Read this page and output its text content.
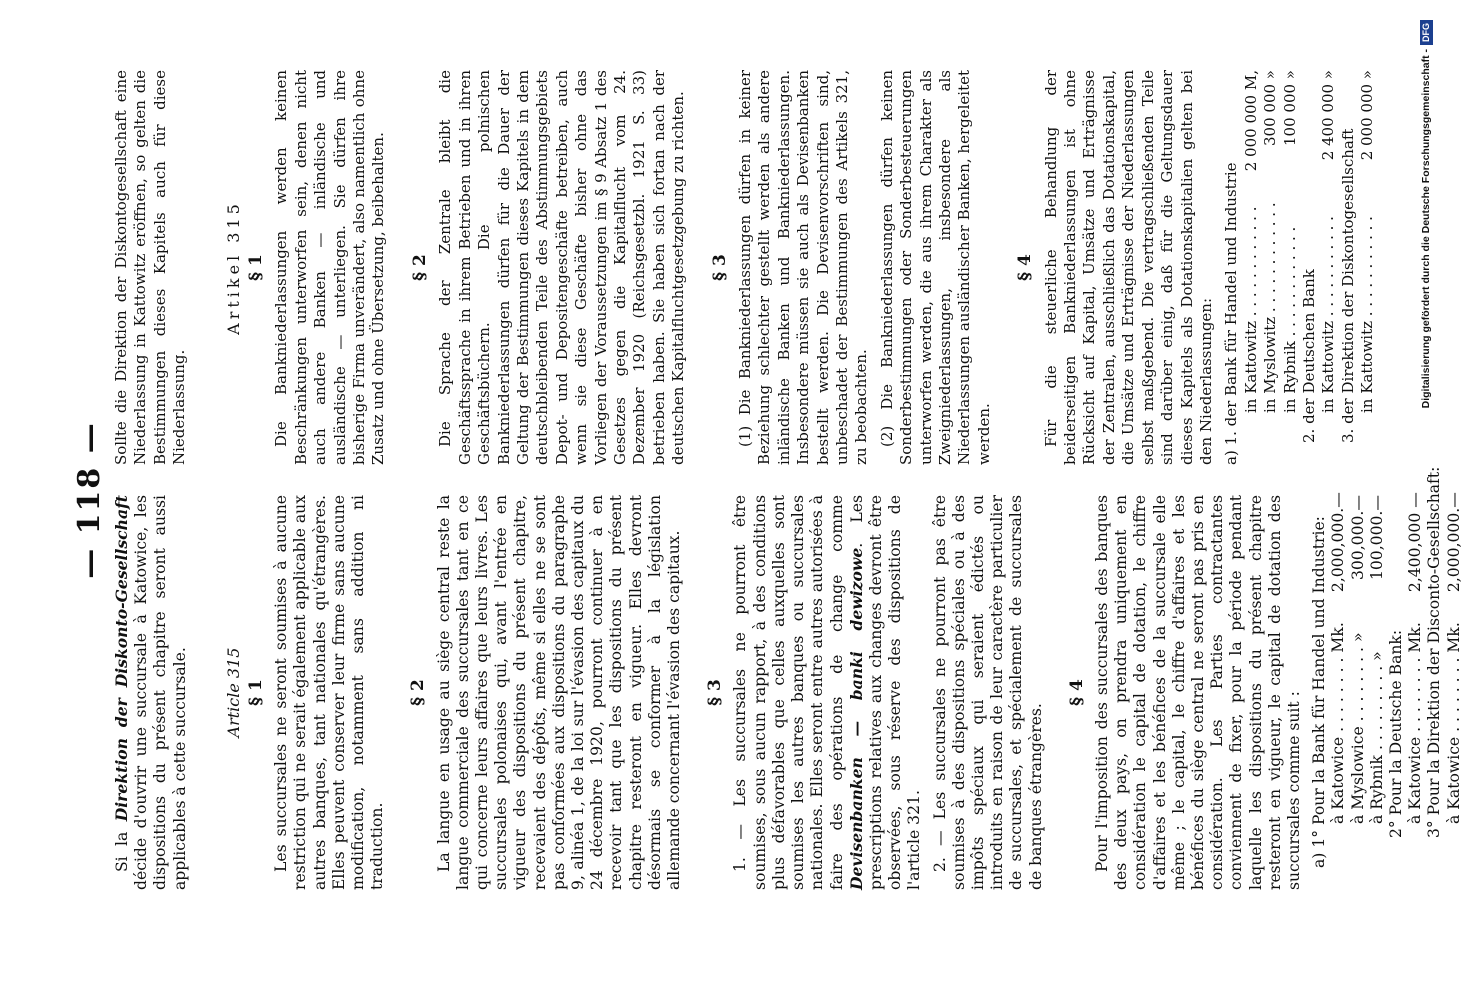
— 118 —

Si la Direktion der Diskonto-Gesellschaft décide d'ouvrir une succursale à Katowice, les dispositions du présent chapitre seront aussi applicables à cette succursale. Article 315 § 1 Les succursales ne seront soumises à aucune restriction qui ne serait également applicable aux autres banques, tant nationales qu'étrangères. Elles peuvent conserver leur firme sans aucune modification, notamment sans addition ni traduction.

§ 2 La langue en usage au siège central reste la langue commerciale des succursales tant en ce qui concerne leurs affaires que leurs livres. Les succursales polonaises qui, avant l'entrée en vigueur des dispositions du présent chapitre, recevaient des dépôts, même si elles ne se sont pas conformées aux dispositions du paragraphe 9, alinéa 1, de la loi sur l'évasion des capitaux du 24 décembre 1920, pourront continuer à en recevoir tant que les dispositions du présent chapitre resteront en vigueur. Elles devront désormais se conformer à la législation allemande concernant l'évasion des capitaux. § 3 1. — Les succursales ne pourront être soumises, sous aucun rapport, à des conditions plus défavorables que celles auxquelles sont soumises les autres banques ou succursales nationales. Elles seront entre autres autorisées à faire des opérations de change comme Devisenbanken — banki dewizowe. Les prescriptions relatives aux changes devront être observées, sous réserve des dispositions de l'article 321. 2. — Les succursales ne pourront pas être soumises à des dispositions spéciales ou à des impôts spéciaux qui seraient édictés ou introduits en raison de leur caractère particulier de succursales, et spécialement de succursales de banques étrangères.

§ 4 Pour l'imposition des succursales des banques des deux pays, on prendra uniquement en considération le capital de dotation, le chiffre d'affaires et les bénéfices de la succursale elle même ; le capital, le chiffre d'affaires et les bénéfices du siège central ne seront pas pris en considération. Les Parties contractantes conviennent de fixer, pour la période pendant laquelle les dispositions du présent chapitre resteront en vigueur, le capital de dotation des succursales comme suit : a) 1° Pour la Bank für Handel und Industrie: à Katowice . . . . . . . . Mk.
2,000,000.—
à Myslowice . . . . . . . . »
300,000.—
à Rybnik . . . . . . . . . »
100,000.—
2° Pour la Deutsche Bank: à Katowice . . . . . . . . Mk.
2,400,000 — 3° Pour la Direktion der Disconto-Gesellschaft: à Katowice . . . . . . . . Mk.
2,000,000.—

Sollte die Direktion der Diskontogesellschaft eine Niederlassung in Kattowitz eröffnen, so gelten die Bestimmungen dieses Kapitels auch für diese Niederlassung.

Artikel 315 § 1 Die Bankniederlassungen werden keinen Beschränkungen unterworfen sein, denen nicht auch andere Banken — inländische und ausländische — unterliegen. Sie dürfen ihre bisherige Firma unverändert, also namentlich ohne Zusatz und ohne Übersetzung, beibehalten. § 2 Die Sprache der Zentrale bleibt die Geschäftssprache in ihrem Betrieben und in ihren Geschäftsbüchern. Die polnischen Bankniederlassungen dürfen für die Dauer der Geltung der Bestimmungen dieses Kapitels in dem deutschbleibenden Teile des Abstimmungsgebiets Depot- und Depositengeschäfte betreiben, auch wenn sie diese Geschäfte bisher ohne das Vorliegen der Voraussetzungen im § 9 Absatz 1 des Gesetzes gegen die Kapitalflucht vom 24. Dezember 1920 (Reichsgesetzbl. 1921 S. 33) betrieben haben. Sie haben sich fortan nach der deutschen Kapitalfluchtgesetzgebung zu richten. § 3 (1) Die Bankniederlassungen dürfen in keiner Beziehung schlechter gestellt werden als andere inländische Banken und Bankniederlassungen. Insbesondere müssen sie auch als Devisenbanken bestellt werden. Die Devisenvorschriften sind, unbeschadet der Bestimmungen des Artikels 321, zu beobachten. (2) Die Bankniederlassungen dürfen keinen Sonderbestimmungen oder Sonderbesteuerungen unterworfen werden, die aus ihrem Charakter als Zweigniederlassungen, insbesondere als Niederlassungen ausländischer Banken, hergeleitet werden.

§ 4 Für die steuerliche Behandlung der beiderseitigen Bankniederlassungen ist ohne Rücksicht auf Kapital, Umsätze und Erträgnisse der Zentralen, ausschließlich das Dotationskapital, die Umsätze und Erträgnisse der Niederlassungen selbst maßgebend. Die vertragschließenden Teile sind darüber einig, daß für die Geltungsdauer dieses Kapitels als Dotationskapitalien gelten bei den Niederlassungen: a) 1. der Bank für Handel und Industrie in Kattowitz . . . . . . . . . . . .
2 000 000 M,
in Myslowitz . . . . . . . . . . . .
300 000 »
in Rybnik . . . . . . . . . . . .
100 000 »
2. der Deutschen Bank in Kattowitz . . . . . . . . . . .
2 400 000 »
3. der Direktion der Diskontogesellschaft in Kattowitz . . . . . . . . . . .
2 000 000 »	Digitalisierung gefördert durch die Deutsche Forschungsgemeinschaft -DFG
